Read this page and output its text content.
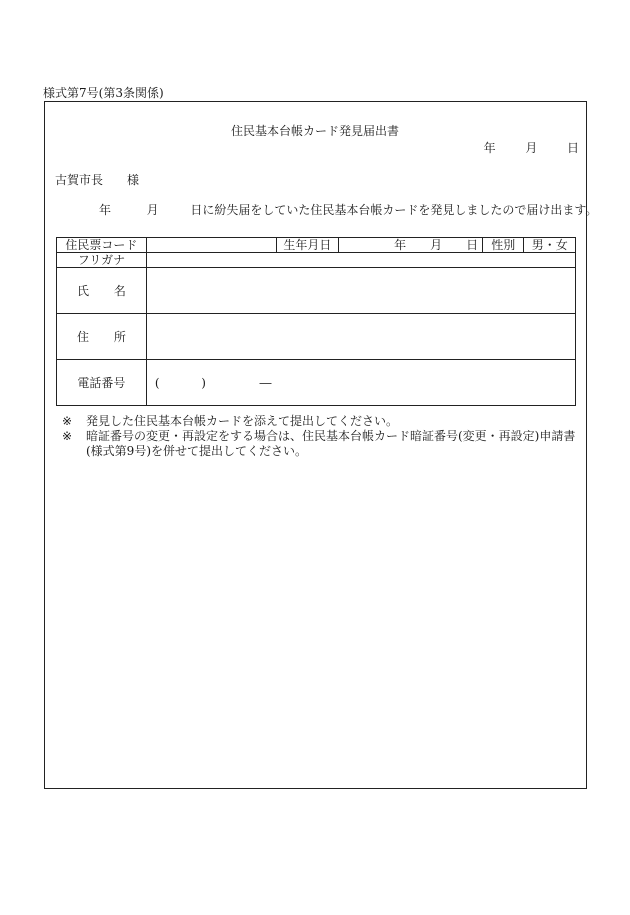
様式第7号(第3条関係)
住民基本台帳カード発見届出書
年 月 日
古賀市長　　様
年	月	日に紛失届をしていた住民基本台帳カードを発見しましたので届け出ます。
住民票コード		生年月日	年　　月　　日	性別	男・女
フリガナ					

氏 名					

住 所					

電話番号	( ) ―				
※	発見した住民基本台帳カードを添えて提出してください。
※	暗証番号の変更・再設定をする場合は、住民基本台帳カード暗証番号(変更・再設定)申請書(様式第9号)を併せて提出してください。
